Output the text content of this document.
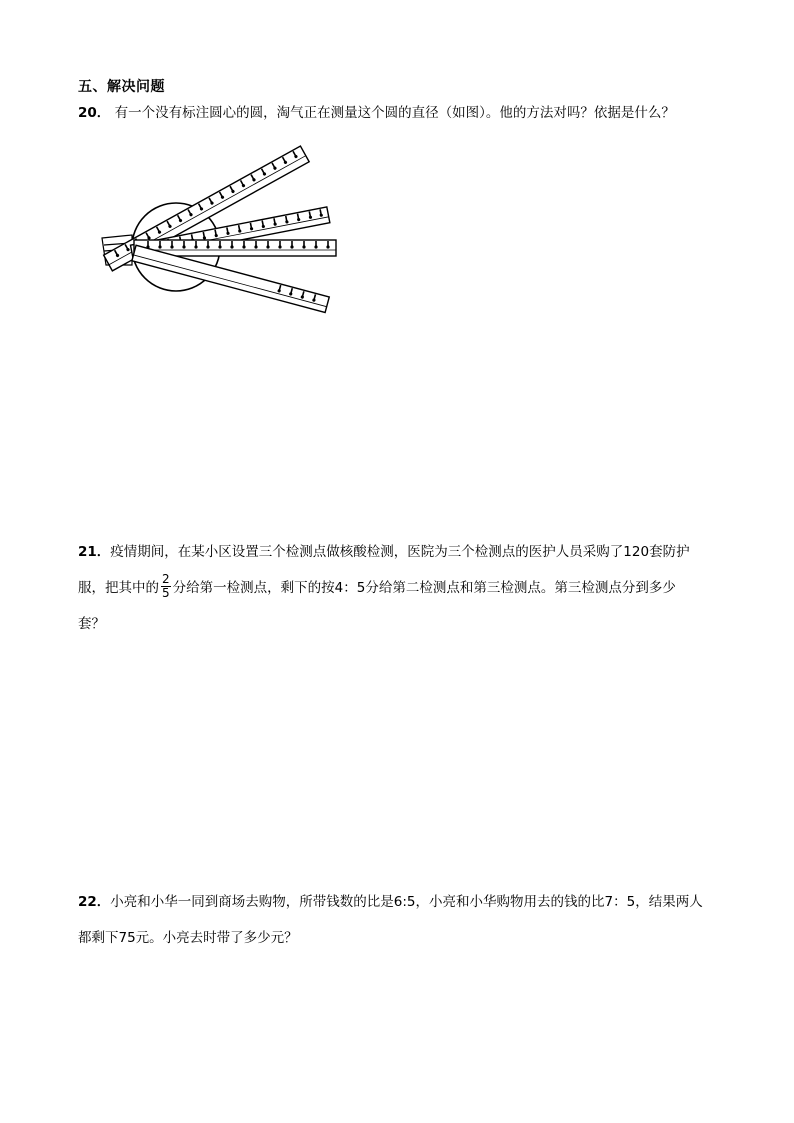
五、解决问题
20． 有一个没有标注圆心的圆，淘气正在测量这个圆的直径（如图）。他的方法对吗？依据是什么？
21．疫情期间，在某小区设置三个检测点做核酸检测，医院为三个检测点的医护人员采购了120套防护
服，把其中的 $\frac{2}{5}$ 分给第一检测点，剩下的按4：5分给第二检测点和第三检测点。第三检测点分到多少
套？
22．小亮和小华一同到商场去购物，所带钱数的比是6:5，小亮和小华购物用去的钱的比7：5，结果两人
都剩下75元。小亮去时带了多少元？
